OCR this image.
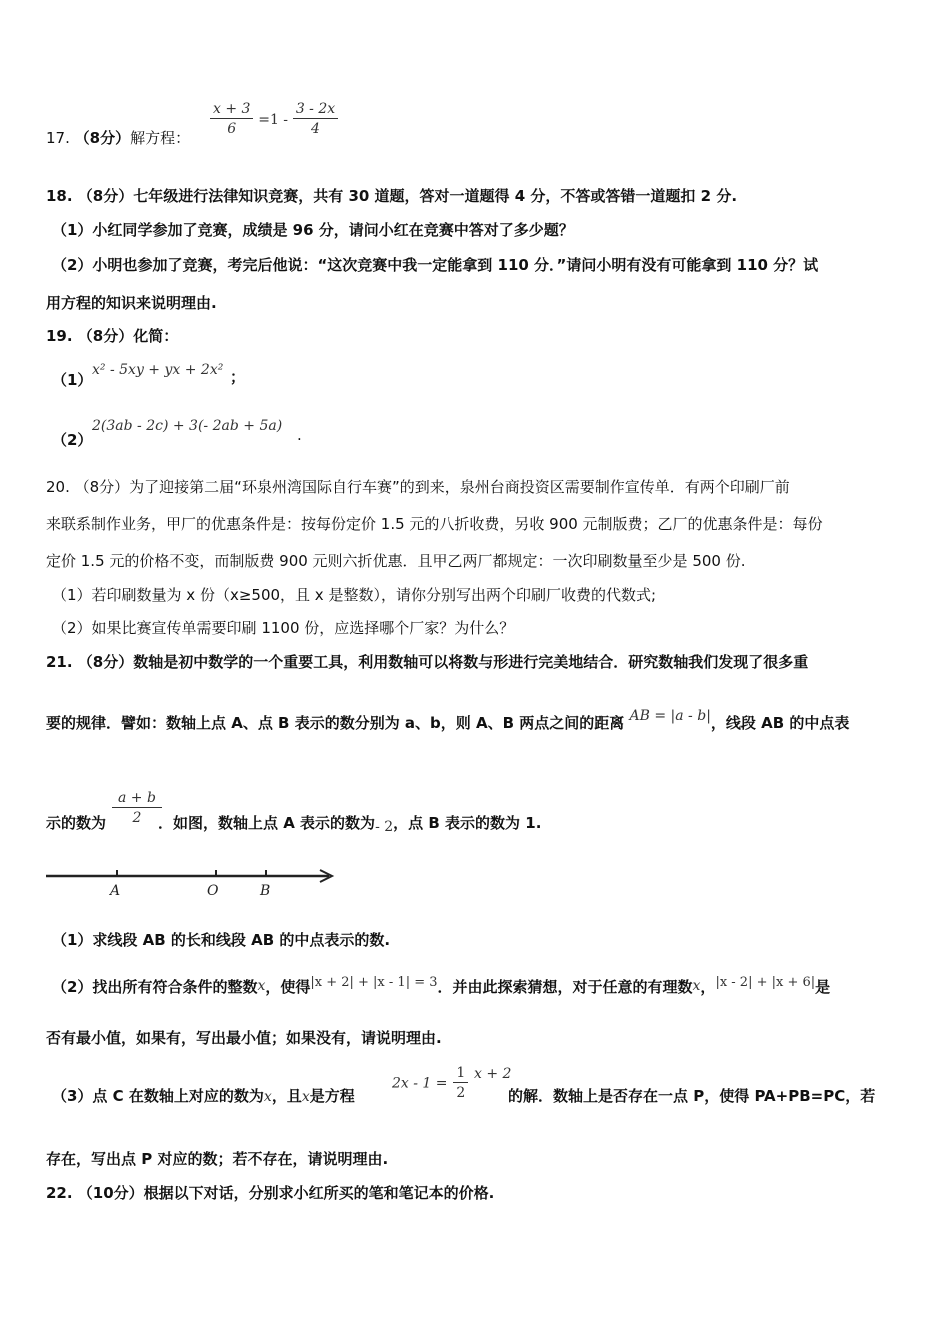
17. （8分）解方程： $\frac{x + 3}{6} =1 - \frac{3 - 2x}{4}$
18. （8分）七年级进行法律知识竞赛，共有 30 道题，答对一道题得 4 分，不答或答错一道题扣 2 分.
（1）小红同学参加了竞赛，成绩是 96 分，请问小红在竞赛中答对了多少题？
（2）小明也参加了竞赛，考完后他说：“这次竞赛中我一定能拿到 110 分．”请问小明有没有可能拿到 110 分？试
用方程的知识来说明理由.
19. （8分）化简：
（1）
x² - 5xy + yx + 2x² ；
（2）
2(3ab - 2c) + 3(- 2ab + 5a) .
20. （8分）为了迎接第二届“环泉州湾国际自行车赛”的到来，泉州台商投资区需要制作宣传单．有两个印刷厂前
来联系制作业务，甲厂的优惠条件是：按每份定价 1.5 元的八折收费，另收 900 元制版费；乙厂的优惠条件是：每份
定价 1.5 元的价格不变，而制版费 900 元则六折优惠．且甲乙两厂都规定：一次印刷数量至少是 500 份.
（1）若印刷数量为 x 份（x≥500，且 x 是整数），请你分别写出两个印刷厂收费的代数式;
（2）如果比赛宣传单需要印刷 1100 份，应选择哪个厂家？为什么？
21. （8分）数轴是初中数学的一个重要工具，利用数轴可以将数与形进行完美地结合．研究数轴我们发现了很多重
要的规律．譬如：数轴上点 A、点 B 表示的数分别为 a、b，则 A、B 两点之间的距离 AB = |a - b|，线段 AB 的中点表
示的数为 $\frac{a + b}{2}$
．如图，数轴上点 A 表示的数为- 2，点 B 表示的数为 1.
A	O	B
（1）求线段 AB 的长和线段 AB 的中点表示的数.
（2）找出所有符合条件的整数x，使得|x + 2| + |x - 1| = 3．并由此探索猜想，对于任意的有理数x，|x - 2| + |x + 6|是
否有最小值，如果有，写出最小值；如果没有，请说明理由.
（3）点 C 在数轴上对应的数为x，且x是方程
$2x - 1 = \frac{1}{2}$ x + 2
的解．数轴上是否存在一点 P，使得 PA+PB=PC，若
存在，写出点 P 对应的数；若不存在，请说明理由.
22. （10分）根据以下对话，分别求小红所买的笔和笔记本的价格.
